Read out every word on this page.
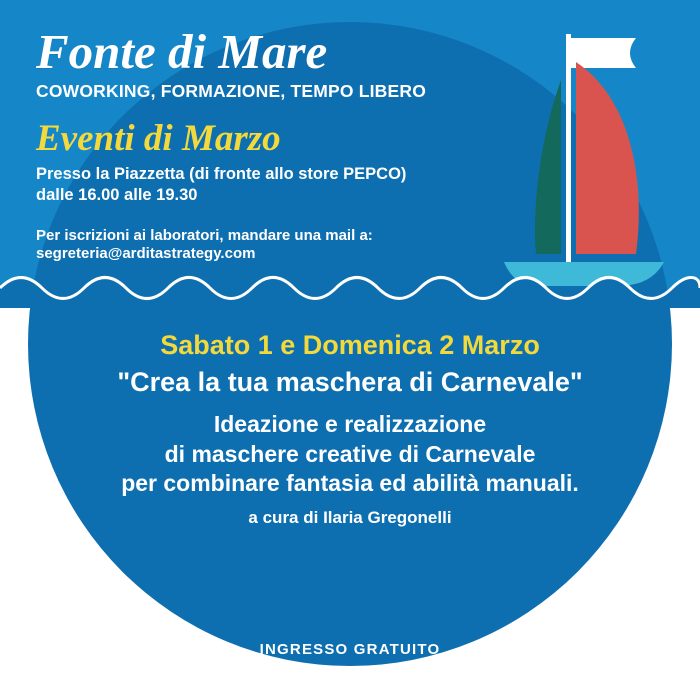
Fonte di Mare
COWORKING, FORMAZIONE, TEMPO LIBERO
Eventi di Marzo
Presso la Piazzetta (di fronte allo store PEPCO)
dalle 16.00 alle 19.30
Per iscrizioni ai laboratori, mandare una mail a:
segreteria@arditastrategy.com
Sabato 1 e Domenica 2 Marzo
"Crea la tua maschera di Carnevale"
Ideazione e realizzazione
di maschere creative di Carnevale
per combinare fantasia ed abilità manuali.
a cura di Ilaria Gregonelli
INGRESSO GRATUITO
